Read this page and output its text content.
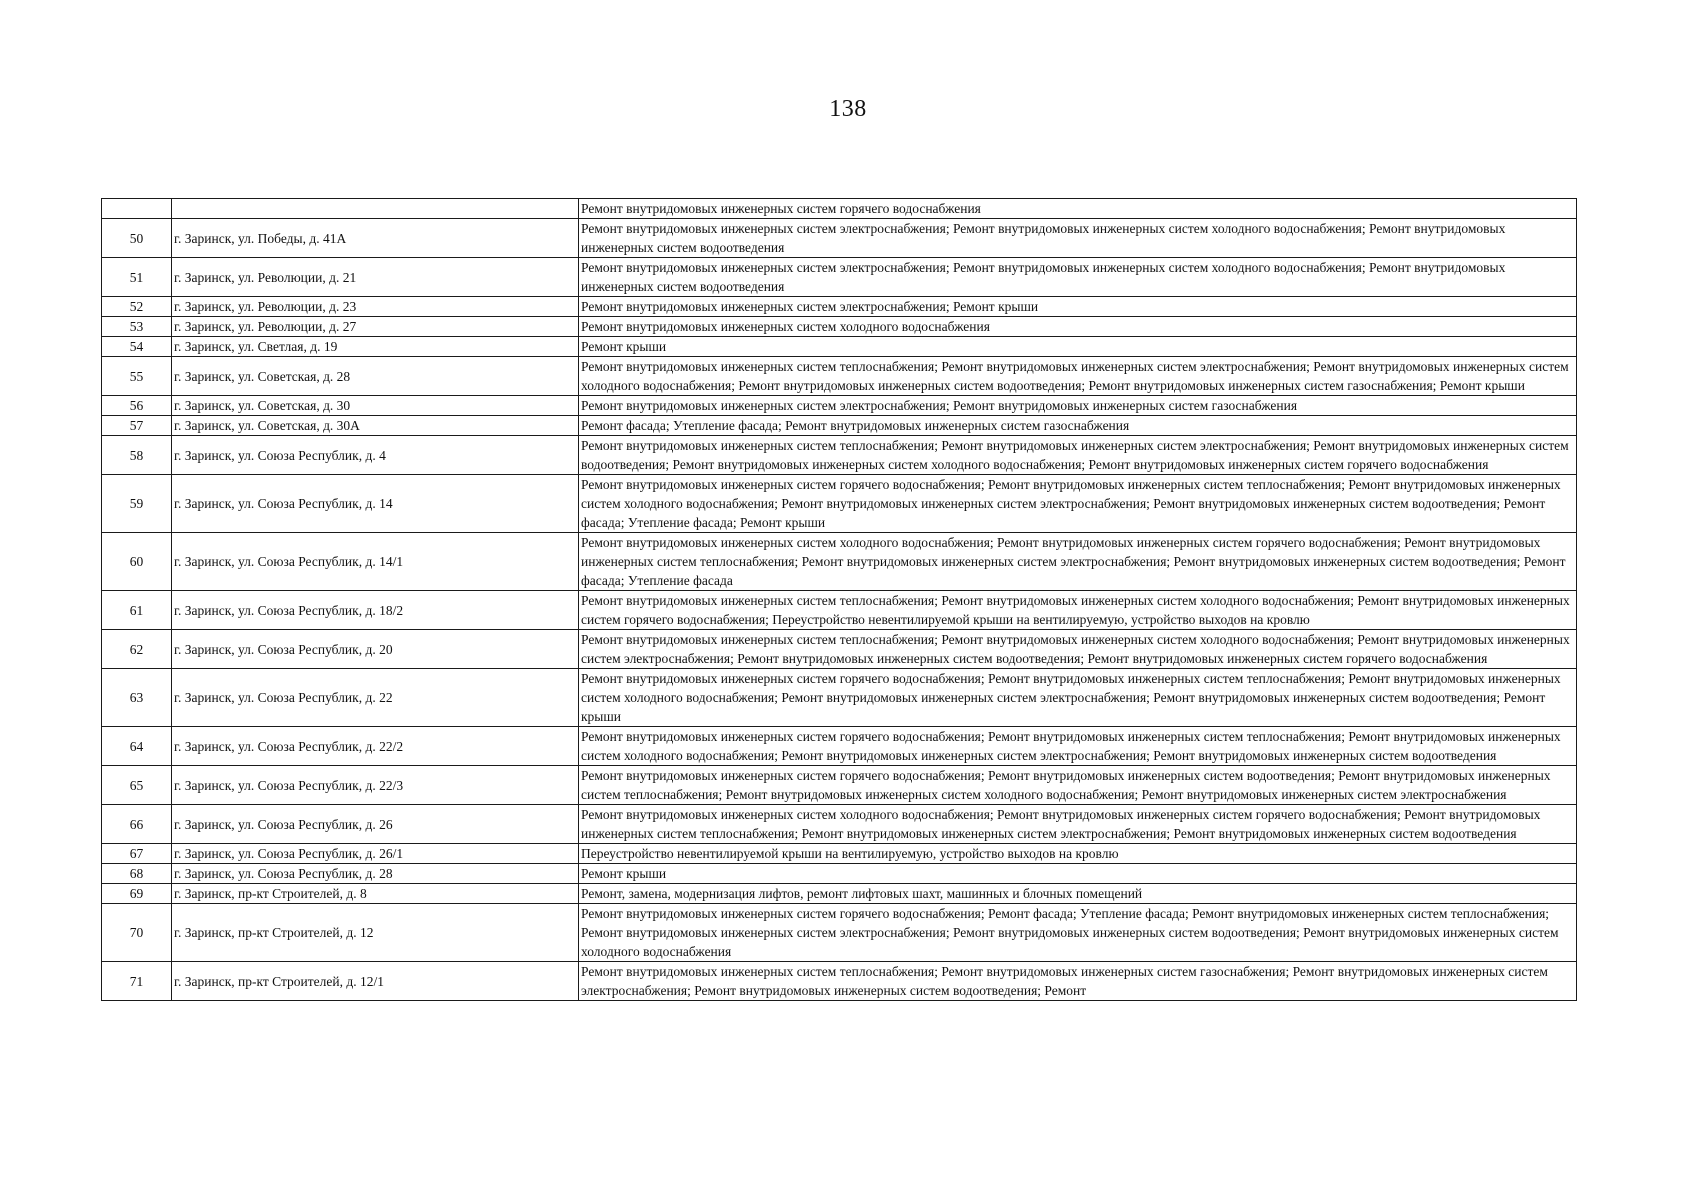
138
		Ремонт внутридомовых инженерных систем горячего водоснабжения
50	г. Заринск, ул. Победы, д. 41А	Ремонт внутридомовых инженерных систем электроснабжения; Ремонт внутридомовых инженерных систем холодного водоснабжения; Ремонт внутридомовых инженерных систем водоотведения
51	г. Заринск, ул. Революции, д. 21	Ремонт внутридомовых инженерных систем электроснабжения; Ремонт внутридомовых инженерных систем холодного водоснабжения; Ремонт внутридомовых инженерных систем водоотведения
52	г. Заринск, ул. Революции, д. 23	Ремонт внутридомовых инженерных систем электроснабжения; Ремонт крыши
53	г. Заринск, ул. Революции, д. 27	Ремонт внутридомовых инженерных систем холодного водоснабжения
54	г. Заринск, ул. Светлая, д. 19	Ремонт крыши
55	г. Заринск, ул. Советская, д. 28	Ремонт внутридомовых инженерных систем теплоснабжения; Ремонт внутридомовых инженерных систем электроснабжения; Ремонт внутридомовых инженерных систем холодного водоснабжения; Ремонт внутридомовых инженерных систем водоотведения; Ремонт внутридомовых инженерных систем газоснабжения; Ремонт крыши
56	г. Заринск, ул. Советская, д. 30	Ремонт внутридомовых инженерных систем электроснабжения; Ремонт внутридомовых инженерных систем газоснабжения
57	г. Заринск, ул. Советская, д. 30А	Ремонт фасада; Утепление фасада; Ремонт внутридомовых инженерных систем газоснабжения
58	г. Заринск, ул. Союза Республик, д. 4	Ремонт внутридомовых инженерных систем теплоснабжения; Ремонт внутридомовых инженерных систем электроснабжения; Ремонт внутридомовых инженерных систем водоотведения; Ремонт внутридомовых инженерных систем холодного водоснабжения; Ремонт внутридомовых инженерных систем горячего водоснабжения
59	г. Заринск, ул. Союза Республик, д. 14	Ремонт внутридомовых инженерных систем горячего водоснабжения; Ремонт внутридомовых инженерных систем теплоснабжения; Ремонт внутридомовых инженерных систем холодного водоснабжения; Ремонт внутридомовых инженерных систем электроснабжения; Ремонт внутридомовых инженерных систем водоотведения; Ремонт фасада; Утепление фасада; Ремонт крыши
60	г. Заринск, ул. Союза Республик, д. 14/1	Ремонт внутридомовых инженерных систем холодного водоснабжения; Ремонт внутридомовых инженерных систем горячего водоснабжения; Ремонт внутридомовых инженерных систем теплоснабжения; Ремонт внутридомовых инженерных систем электроснабжения; Ремонт внутридомовых инженерных систем водоотведения; Ремонт фасада; Утепление фасада
61	г. Заринск, ул. Союза Республик, д. 18/2	Ремонт внутридомовых инженерных систем теплоснабжения; Ремонт внутридомовых инженерных систем холодного водоснабжения; Ремонт внутридомовых инженерных систем горячего водоснабжения; Переустройство невентилируемой крыши на вентилируемую, устройство выходов на кровлю
62	г. Заринск, ул. Союза Республик, д. 20	Ремонт внутридомовых инженерных систем теплоснабжения; Ремонт внутридомовых инженерных систем холодного водоснабжения; Ремонт внутридомовых инженерных систем электроснабжения; Ремонт внутридомовых инженерных систем водоотведения; Ремонт внутридомовых инженерных систем горячего водоснабжения
63	г. Заринск, ул. Союза Республик, д. 22	Ремонт внутридомовых инженерных систем горячего водоснабжения; Ремонт внутридомовых инженерных систем теплоснабжения; Ремонт внутридомовых инженерных систем холодного водоснабжения; Ремонт внутридомовых инженерных систем электроснабжения; Ремонт внутридомовых инженерных систем водоотведения; Ремонт крыши
64	г. Заринск, ул. Союза Республик, д. 22/2	Ремонт внутридомовых инженерных систем горячего водоснабжения; Ремонт внутридомовых инженерных систем теплоснабжения; Ремонт внутридомовых инженерных систем холодного водоснабжения; Ремонт внутридомовых инженерных систем электроснабжения; Ремонт внутридомовых инженерных систем водоотведения
65	г. Заринск, ул. Союза Республик, д. 22/3	Ремонт внутридомовых инженерных систем горячего водоснабжения; Ремонт внутридомовых инженерных систем водоотведения; Ремонт внутридомовых инженерных систем теплоснабжения; Ремонт внутридомовых инженерных систем холодного водоснабжения; Ремонт внутридомовых инженерных систем электроснабжения
66	г. Заринск, ул. Союза Республик, д. 26	Ремонт внутридомовых инженерных систем холодного водоснабжения; Ремонт внутридомовых инженерных систем горячего водоснабжения; Ремонт внутридомовых инженерных систем теплоснабжения; Ремонт внутридомовых инженерных систем электроснабжения; Ремонт внутридомовых инженерных систем водоотведения
67	г. Заринск, ул. Союза Республик, д. 26/1	Переустройство невентилируемой крыши на вентилируемую, устройство выходов на кровлю
68	г. Заринск, ул. Союза Республик, д. 28	Ремонт крыши
69	г. Заринск, пр-кт Строителей, д. 8	Ремонт, замена, модернизация лифтов, ремонт лифтовых шахт, машинных и блочных помещений
70	г. Заринск, пр-кт Строителей, д. 12	Ремонт внутридомовых инженерных систем горячего водоснабжения; Ремонт фасада; Утепление фасада; Ремонт внутридомовых инженерных систем теплоснабжения; Ремонт внутридомовых инженерных систем электроснабжения; Ремонт внутридомовых инженерных систем водоотведения; Ремонт внутридомовых инженерных систем холодного водоснабжения
71	г. Заринск, пр-кт Строителей, д. 12/1	Ремонт внутридомовых инженерных систем теплоснабжения; Ремонт внутридомовых инженерных систем газоснабжения; Ремонт внутридомовых инженерных систем электроснабжения; Ремонт внутридомовых инженерных систем водоотведения; Ремонт
